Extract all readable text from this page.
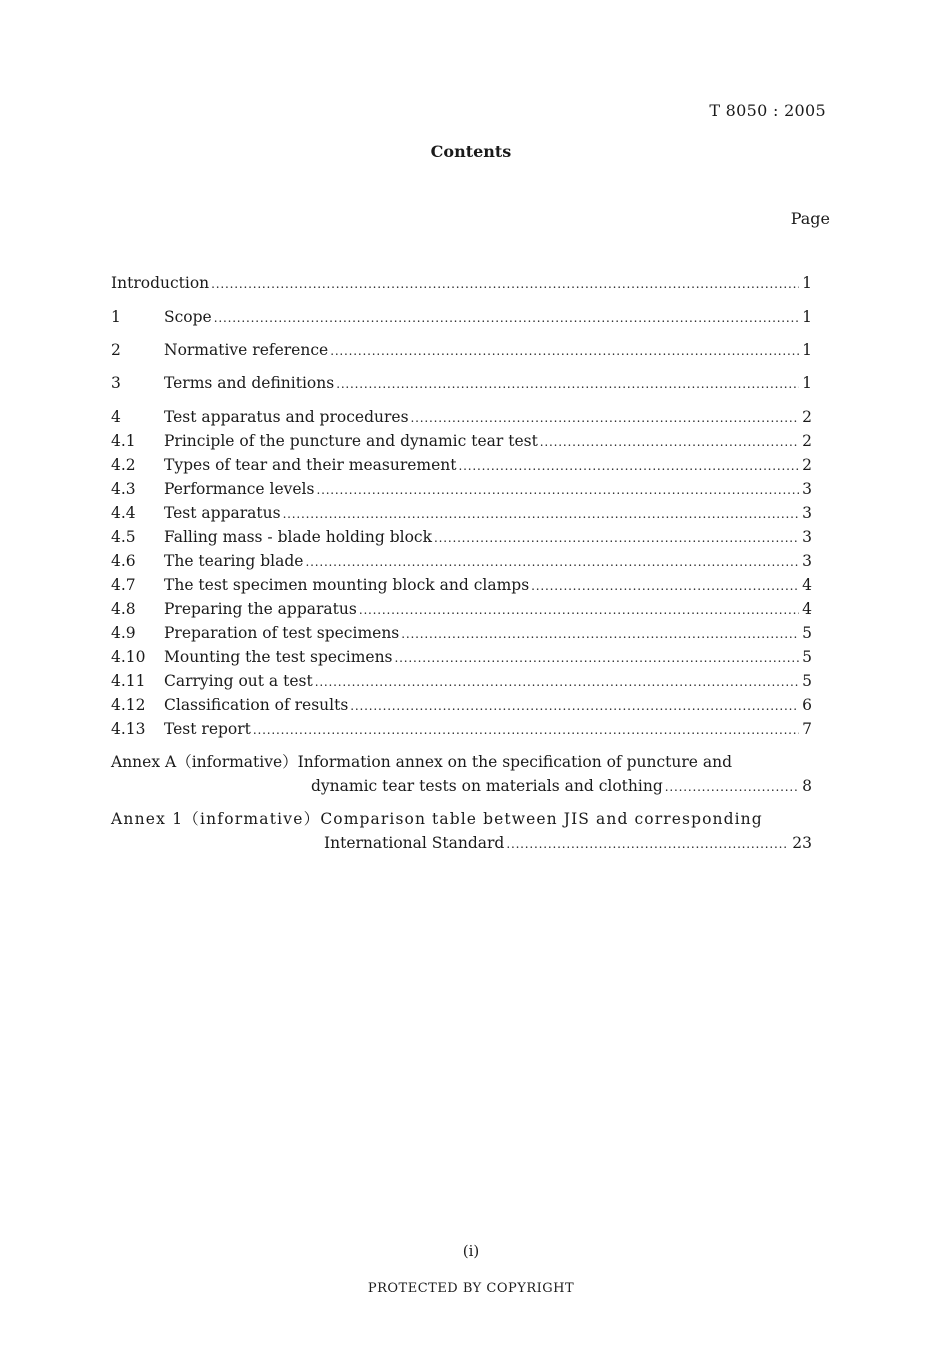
T 8050 : 2005
Contents
Page
Introduction .....	1
1	Scope .....	1
2	Normative reference .....	1
3	Terms and definitions .....	1
4	Test apparatus and procedures .....	2
4.1	Principle of the puncture and dynamic tear test .....	2
4.2	Types of tear and their measurement .....	2
4.3	Performance levels .....	3
4.4	Test apparatus .....	3
4.5	Falling mass - blade holding block .....	3
4.6	The tearing blade .....	3
4.7	The test specimen mounting block and clamps .....	4
4.8	Preparing the apparatus .....	4
4.9	Preparation of test specimens .....	5
4.10	Mounting the test specimens .....	5
4.11	Carrying out a test .....	5
4.12	Classification of results .....	6
4.13	Test report .....	7
Annex A（informative） Information annex on the specification of puncture and
dynamic tear tests on materials and clothing .....	8
Annex 1（informative） Comparison table between JIS and corresponding
International Standard .....	23
(i)
PROTECTED BY COPYRIGHT
